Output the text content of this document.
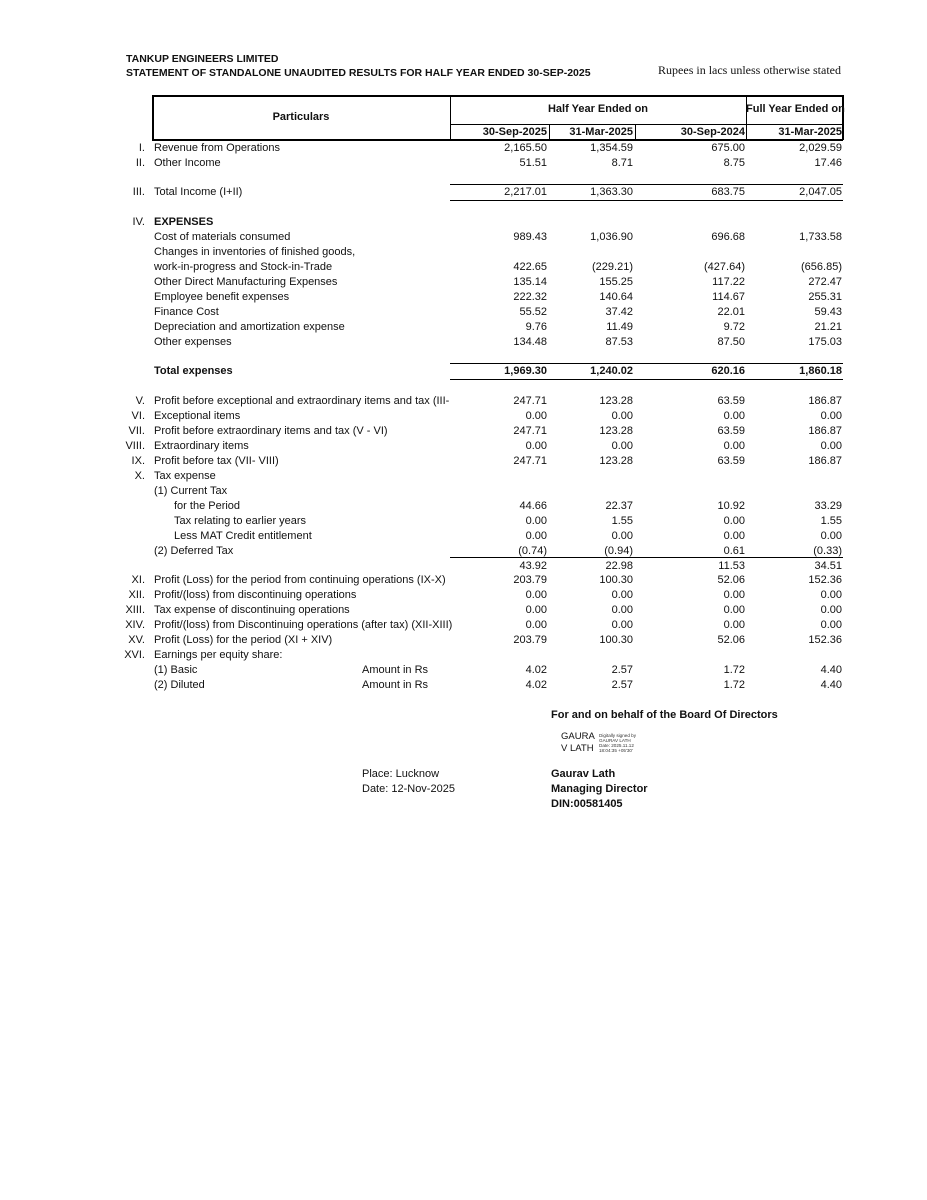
TANKUP ENGINEERS LIMITED
STATEMENT OF STANDALONE UNAUDITED RESULTS FOR HALF YEAR ENDED 30-SEP-2025	Rupees in lacs unless otherwise stated
Particulars
Half Year Ended on	Full Year Ended on
30-Sep-2025 31-Mar-2025	30-Sep-2024	31-Mar-2025
I. Revenue from Operations	2,165.50	1,354.59	675.00	2,029.59
II. Other Income	51.51	8.71	8.75	17.46
III. Total Income (I+II)	2,217.01	1,363.30	683.75	2,047.05
IV. EXPENSES
Cost of materials consumed	989.43	1,036.90	696.68	1,733.58
Changes in inventories of finished goods,
work-in-progress and Stock-in-Trade	422.65	(229.21)	(427.64)	(656.85)
Other Direct Manufacturing Expenses	135.14	155.25	117.22	272.47
Employee benefit expenses	222.32	140.64	114.67	255.31
Finance Cost	55.52	37.42	22.01	59.43
Depreciation and amortization expense	9.76	11.49	9.72	21.21
Other expenses	134.48	87.53	87.50	175.03
Total expenses	1,969.30	1,240.02	620.16	1,860.18
V. Profit before exceptional and extraordinary items and tax (III-	247.71	123.28	63.59	186.87
VI. Exceptional items	0.00	0.00	0.00	0.00
VII. Profit before extraordinary items and tax (V - VI)	247.71	123.28	63.59	186.87
VIII. Extraordinary items	0.00	0.00	0.00	0.00
IX. Profit before tax (VII- VIII)	247.71	123.28	63.59	186.87
X. Tax expense
(1) Current Tax
for the Period	44.66	22.37	10.92	33.29
Tax relating to earlier years	0.00	1.55	0.00	1.55
Less MAT Credit entitlement	0.00	0.00	0.00	0.00
(2) Deferred Tax	(0.74)	(0.94)	0.61	(0.33)
43.92	22.98	11.53	34.51
XI. Profit (Loss) for the period from continuing operations (IX-X)	203.79	100.30	52.06	152.36
XII. Profit/(loss) from discontinuing operations	0.00	0.00	0.00	0.00
XIII. Tax expense of discontinuing operations	0.00	0.00	0.00	0.00
XIV. Profit/(loss) from Discontinuing operations (after tax) (XII-XIII)	0.00	0.00	0.00	0.00
XV. Profit (Loss) for the period (XI + XIV)	203.79	100.30	52.06	152.36
XVI. Earnings per equity share:
(1) Basic	Amount in Rs	4.02	2.57	1.72	4.40
(2) Diluted	Amount in Rs	4.02	2.57	1.72	4.40
For and on behalf of the Board Of Directors
GAURA
V LATH
Digitally signed by
GAURAV LATH
Date: 2025.11.12
18:04:35 +05'30'
Place: Lucknow
Date: 12-Nov-2025
Gaurav Lath
Managing Director
DIN:00581405
